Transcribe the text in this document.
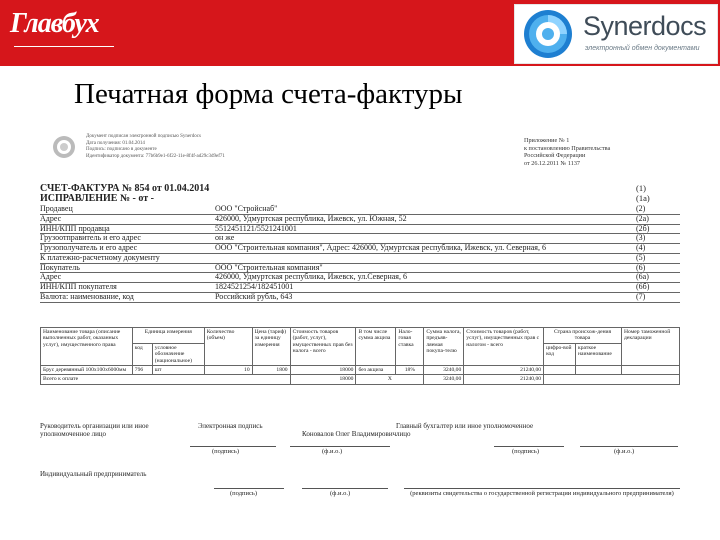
Главбух	Synerdocs
электронный обмен документами
Печатная форма счета-фактуры
Документ подписан электронной подписью Synerdocs
Дата получения: 01.04.2014
Подпись: подписано в документе
Идентификатор документа: 77b6b9e1-6f22-11e-8f4f-ad29c3d9ef71
Приложение № 1
к постановлению Правительства
Российской Федерации
от 26.12.2011 № 1137
СЧЕТ-ФАКТУРА № 854 от 01.04.2014	(1)
ИСПРАВЛЕНИЕ № - от -	(1а)
Продавец	ООО "Стройснаб"	(2)
Адрес	426000, Удмуртская республика, Ижевск, ул. Южная, 52	(2а)
ИНН/КПП продавца	5512451121/5521241001	(2б)
Грузоотправитель и его адрес	он же	(3)
Грузополучатель и его адрес	ООО "Строительная компания", Адрес: 426000, Удмуртская республика, Ижевск, ул. Северная, 6	(4)
К платежно-расчетному документу	(5)
Покупатель	ООО "Строительная компания"	(6)
Адрес	426000, Удмуртская республика, Ижевск, ул.Северная, 6	(6а)
ИНН/КПП покупателя	1824521254/182451001	(6б)
Валюта: наименование, код	Российский рубль, 643	(7)
Наименование товара (описание выполненных работ, оказанных услуг), имущественного права	Единица измерения		Количество (объем)	Цена (тариф) за единицу измерения	Стоимость товаров (работ, услуг), имущественных прав без налога - всего	В том числе сумма акциза	Нало-говая ставка	Сумма налога, предъяв-ляемая покупа-телю	Стоимость товаров (работ, услуг), имущественных прав с налогом - всего	Страна происхож-дения товара		Номер таможенной декларации
	код	условное обозначение (национальное)								цифро-вой код	краткое наименование	
Брус деревянный 100х100х6000мм	796	шт	10	1800	18000	без акциза	18%	3240,00	21240,00			
Всего к оплате					18000	Х		3240,00	21240,00			
Руководитель организации или иное уполномоченное лицо
Электронная подпись
Коновалов Олег Владимирович
Главный бухгалтер или иное уполномоченное лицо
(подпись)	(ф.и.о.)	(подпись)	(ф.и.о.)
Индивидуальный предприниматель
(подпись)	(ф.и.о.)	(реквизиты свидетельства о государственной регистрации индивидуального предпринимателя)
